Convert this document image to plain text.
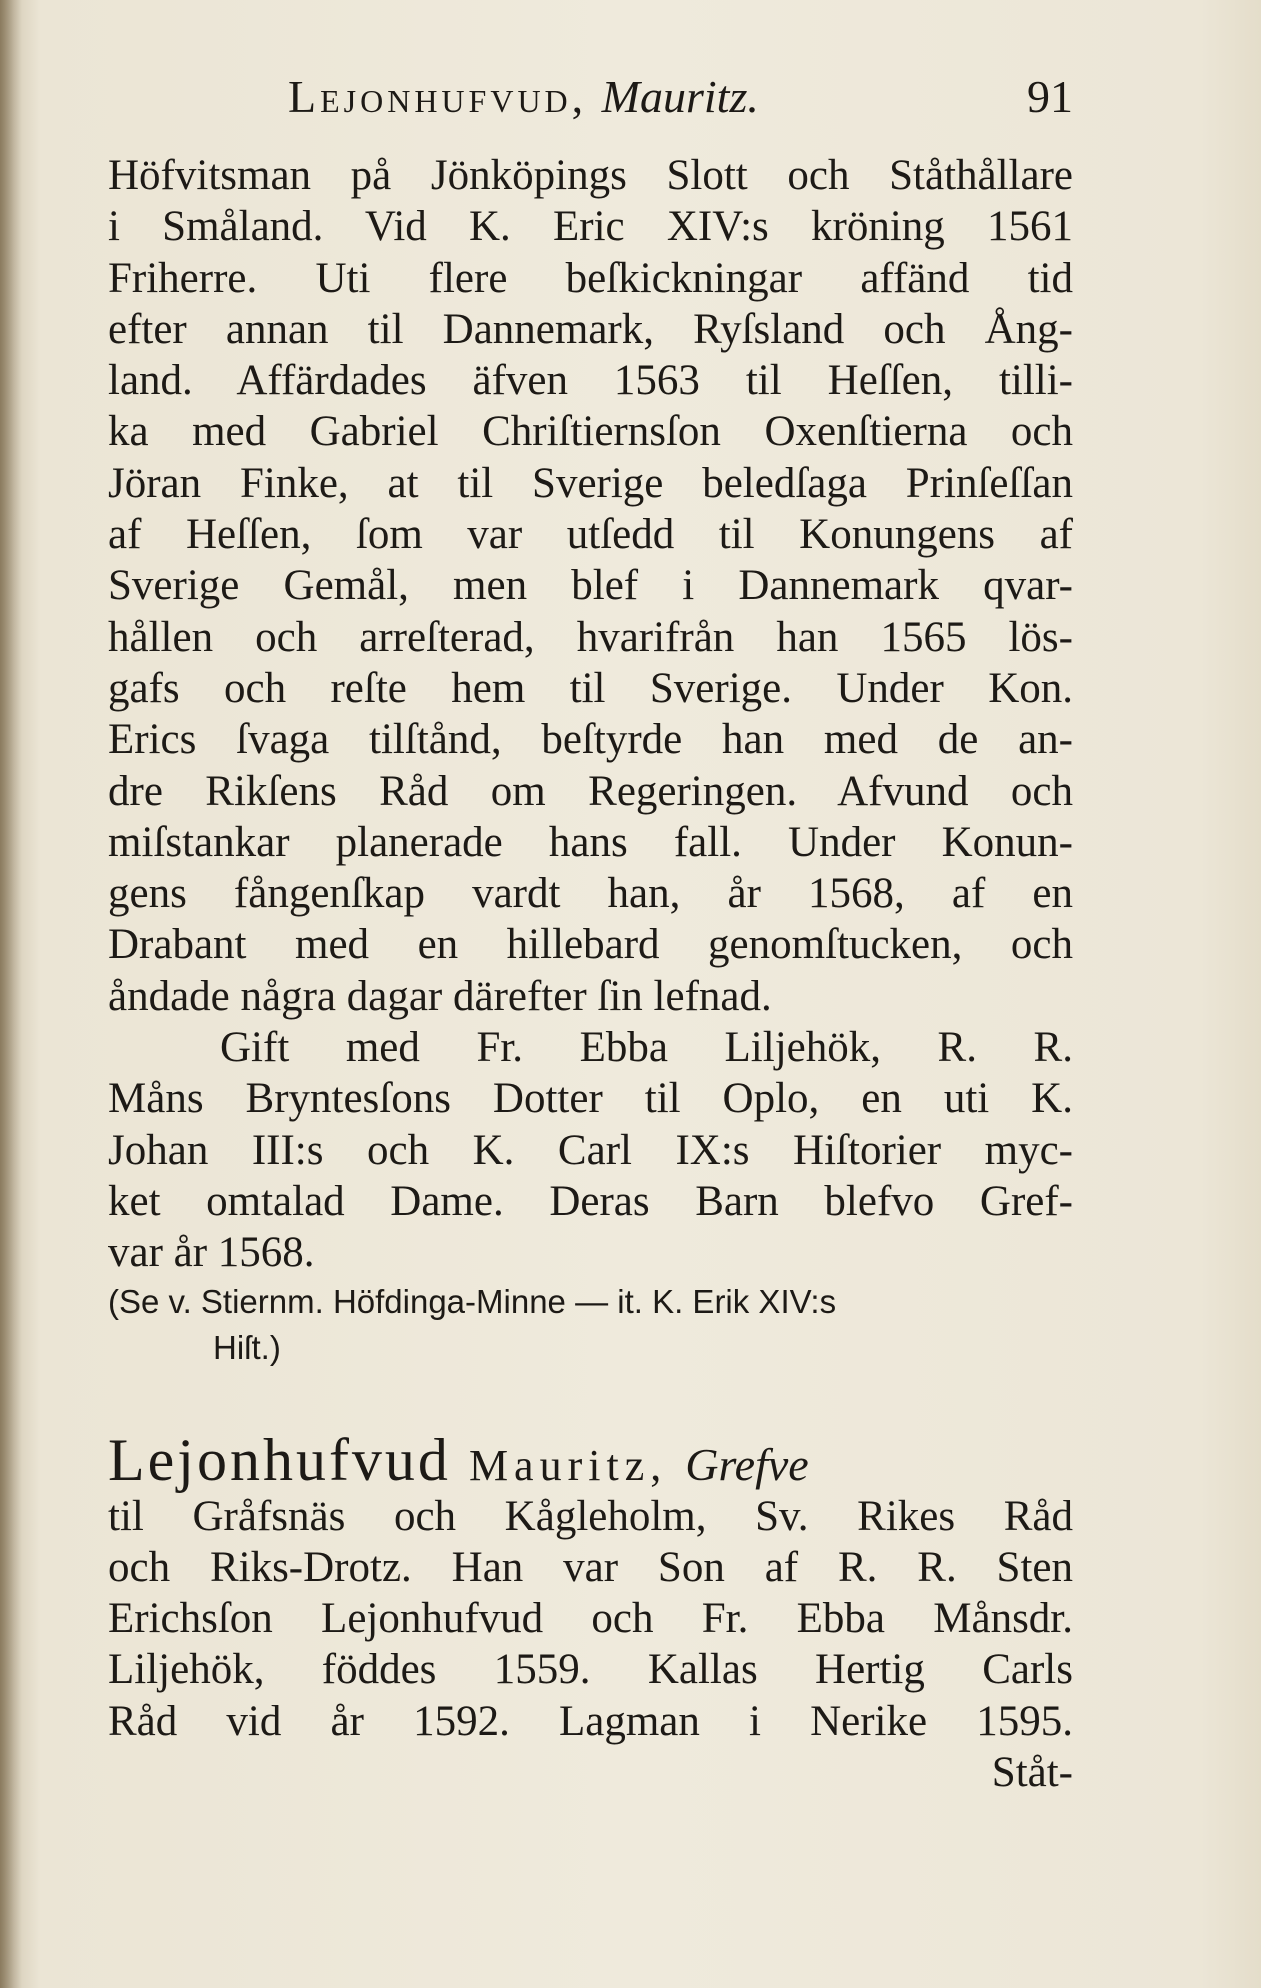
Lejonhufvud, Mauritz.	91
Höfvitsman på Jönköpings Slott och Ståthållare
i Småland. Vid K. Eric XIV:s kröning 1561
Friherre. Uti flere beſkickningar affänd tid
efter annan til Dannemark, Ryſsland och Ång-
land. Affärdades äfven 1563 til Heſſen, tilli-
ka med Gabriel Chriſtiernsſon Oxenſtierna och
Jöran Finke, at til Sverige beledſaga Prinſeſſan
af Heſſen, ſom var utſedd til Konungens af
Sverige Gemål, men blef i Dannemark qvar-
hållen och arreſterad, hvarifrån han 1565 lös-
gafs och reſte hem til Sverige. Under Kon.
Erics ſvaga tilſtånd, beſtyrde han med de an-
dre Rikſens Råd om Regeringen. Afvund och
miſstankar planerade hans fall. Under Konun-
gens fångenſkap vardt han, år 1568, af en
Drabant med en hillebard genomſtucken, och
åndade några dagar därefter ſin lefnad.
Gift med Fr. Ebba Liljehök, R. R.
Måns Bryntesſons Dotter til Oplo, en uti K.
Johan III:s och K. Carl IX:s Hiſtorier myc-
ket omtalad Dame. Deras Barn blefvo Gref-
var år 1568.
(Se v. Stiernm. Höfdinga-Minne — it. K. Erik XIV:s
Hiſt.)
Lejonhufvud Mauritz, Grefve
til Gråfsnäs och Kågleholm, Sv. Rikes Råd
och Riks-Drotz. Han var Son af R. R. Sten
Erichsſon Lejonhufvud och Fr. Ebba Månsdr.
Liljehök, föddes 1559. Kallas Hertig Carls
Råd vid år 1592. Lagman i Nerike 1595.
Ståt-
